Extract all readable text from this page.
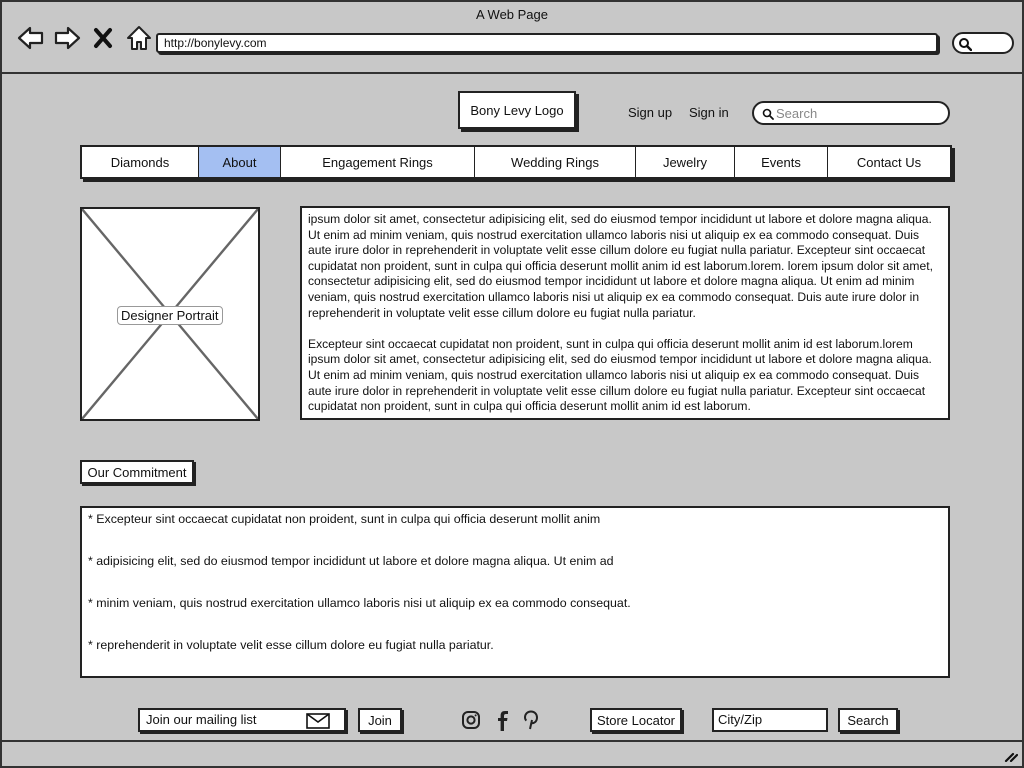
A Web Page
http://bonylevy.com
Bony Levy Logo	Sign up Sign in
Search
Diamonds	About	Engagement Rings	Wedding Rings	Jewelry	Events	Contact Us
Designer Portrait

ipsum dolor sit amet, consectetur adipisicing elit, sed do eiusmod tempor incididunt ut labore et dolore magna aliqua. Ut enim ad minim veniam, quis nostrud exercitation ullamco laboris nisi ut aliquip ex ea commodo consequat. Duis aute irure dolor in reprehenderit in voluptate velit esse cillum dolore eu fugiat nulla pariatur. Excepteur sint occaecat cupidatat non proident, sunt in culpa qui officia deserunt mollit anim id est laborum.lorem. lorem ipsum dolor sit amet, consectetur adipisicing elit, sed do eiusmod tempor incididunt ut labore et dolore magna aliqua. Ut enim ad minim veniam, quis nostrud exercitation ullamco laboris nisi ut aliquip ex ea commodo consequat. Duis aute irure dolor in reprehenderit in voluptate velit esse cillum dolore eu fugiat nulla pariatur.

Excepteur sint occaecat cupidatat non proident, sunt in culpa qui officia deserunt mollit anim id est laborum.lorem ipsum dolor sit amet, consectetur adipisicing elit, sed do eiusmod tempor incididunt ut labore et dolore magna aliqua. Ut enim ad minim veniam, quis nostrud exercitation ullamco laboris nisi ut aliquip ex ea commodo consequat. Duis aute irure dolor in reprehenderit in voluptate velit esse cillum dolore eu fugiat nulla pariatur. Excepteur sint occaecat cupidatat non proident, sunt in culpa qui officia deserunt mollit anim id est laborum.

Our Commitment
* Excepteur sint occaecat cupidatat non proident, sunt in culpa qui officia deserunt mollit anim
* adipisicing elit, sed do eiusmod tempor incididunt ut labore et dolore magna aliqua. Ut enim ad
* minim veniam, quis nostrud exercitation ullamco laboris nisi ut aliquip ex ea commodo consequat.
* reprehenderit in voluptate velit esse cillum dolore eu fugiat nulla pariatur.
Join our mailing list	Join	Store Locator	City/Zip	Search
